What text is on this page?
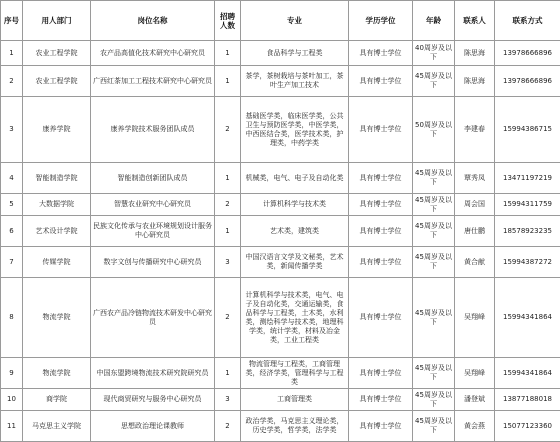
序号	用人部门	岗位名称	招聘人数	专业	学历学位	年龄	联系人	联系方式
1	农业工程学院	农产品高值化技术研究中心研究员	1	食品科学与工程类	具有博士学位	40周岁及以下	陈思海	13978666896
2	农业工程学院	广西红茶加工工程技术研究中心研究员	1	茶学，茶树栽培与茶叶加工，茶叶生产加工技术	具有博士学位	45周岁及以下	陈思海	13978666896
3	康养学院	康养学院技术服务团队成员	2	基础医学类，临床医学类，公共卫生与预防医学类，中医学类，中西医结合类，医学技术类，护理类，中药学类	具有博士学位	50周岁及以下	李建春	15994386715
4	智能制造学院	智能制造创新团队成员	1	机械类，电气、电子及自动化类	具有博士学位	45周岁及以下	覃秀凤	13471197219
5	大数据学院	智慧农业研究中心研究员	2	计算机科学与技术类	具有博士学位	45周岁及以下	周会国	15994311759
6	艺术设计学院	民族文化传承与农业环境规划设计服务中心研究员	1	艺术类，建筑类	具有博士学位	45周岁及以下	唐仕鹏	18578923235
7	传媒学院	数字文创与传播研究中心研究员	3	中国汉语言文学及文秘类，艺术类，新闻传播学类	具有博士学位	45周岁及以下	黄合献	15994387272
8	物流学院	广西农产品冷链物流技术研发中心研究员	2	计算机科学与技术类，电气、电子及自动化类，交通运输类，食品科学与工程类，土木类，水利类，测绘科学与技术类，地理科学类，统计学类，材料及冶金类，工业工程类	具有博士学位	45周岁及以下	吴翔峰	15994341864
9	物流学院	中国东盟跨境物流技术研究院研究员	1	物流管理与工程类，工商管理类，经济学类，管理科学与工程类	具有博士学位	45周岁及以下	吴翔峰	15994341864
10	商学院	现代商贸研究与服务中心研究员	3	工商管理类	具有博士学位	45周岁及以下	潘登斌	13877188018
11	马克思主义学院	思想政治理论课教师	2	政治学类，马克思主义理论类，历史学类，哲学类，法学类	具有博士学位	45周岁及以下	黄会燕	15077123360
